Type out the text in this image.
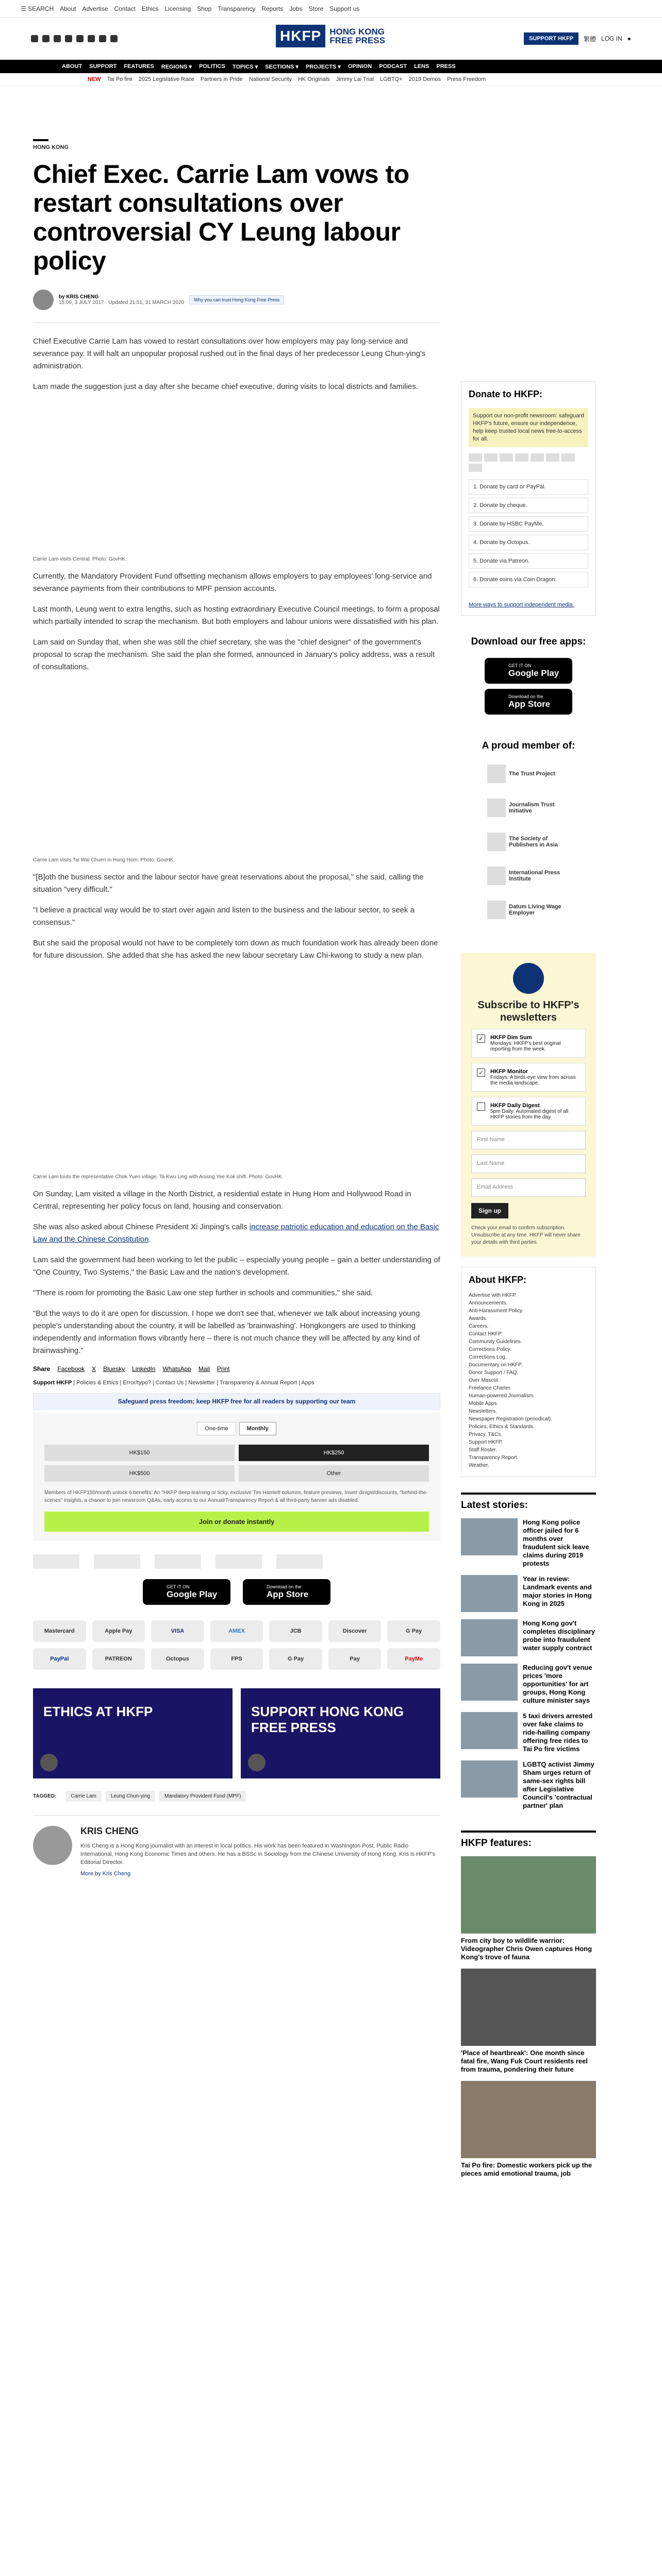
☰ SEARCH About Advertise Contact Ethics Licensing Shop Transparency Reports Jobs Store Support us
HKFP HONG KONG
FREE PRESS	SUPPORT HKFP	繁體 LOG IN ●
ABOUT SUPPORT FEATURES REGIONS ▾ POLITICS TOPICS ▾ SECTIONS ▾ PROJECTS ▾ OPINION PODCAST LENS PRESS
NEW Tai Po fire 2025 Legislative Race Partners in Pride National Security HK Originals Jimmy Lai Trial LGBTQ+ 2019 Demos Press Freedom
HONG KONG
Chief Exec. Carrie Lam vows to restart consultations over controversial CY Leung labour policy
by KRIS CHENG
15:00, 3 JULY 2017 · Updated 21:51, 31 MARCH 2020	Why you can trust Hong Kong Free Press

Chief Executive Carrie Lam has vowed to restart consultations over how employers may pay long-service and severance pay. It will halt an unpopular proposal rushed out in the final days of her predecessor Leung Chun-ying's administration.

Lam made the suggestion just a day after she became chief executive, during visits to local districts and families.

Carrie Lam visits Central. Photo: GovHK.

Currently, the Mandatory Provident Fund offsetting mechanism allows employers to pay employees' long-service and severance payments from their contributions to MPF pension accounts.

Last month, Leung went to extra lengths, such as hosting extraordinary Executive Council meetings, to form a proposal which partially intended to scrap the mechanism. But both employers and labour unions were dissatisfied with his plan.

Lam said on Sunday that, when she was still the chief secretary, she was the "chief designer" of the government's proposal to scrap the mechanism. She said the plan she formed, announced in January's policy address, was a result of consultations.

Carrie Lam visits Tai Wai Chuen in Hung Hom. Photo: GovHK.

"[B]oth the business sector and the labour sector have great reservations about the proposal," she said, calling the situation "very difficult."

"I believe a practical way would be to start over again and listen to the business and the labour sector, to seek a consensus."

But she said the proposal would not have to be completely torn down as much foundation work has already been done for future discussion. She added that she has asked the new labour secretary Law Chi-kwong to study a new plan.

Carrie Lam touts the representative Chok Yuen village, Ta Kwu Ling with Anisng Yee Kok shift. Photo: GovHK.

On Sunday, Lam visited a village in the North District, a residential estate in Hung Hom and Hollywood Road in Central, representing her policy focus on land, housing and conservation.

She was also asked about Chinese President Xi Jinping's calls increase patriotic education and education on the Basic Law and the Chinese Constitution.

Lam said the government had been working to let the public – especially young people – gain a better understanding of "One Country, Two Systems," the Basic Law and the nation's development.

"There is room for promoting the Basic Law one step further in schools and communities," she said.

"But the ways to do it are open for discussion. I hope we don't see that, whenever we talk about increasing young people's understanding about the country, it will be labelled as 'brainwashing'. Hongkongers are used to thinking independently and information flows vibrantly here – there is not much chance they will be affected by any kind of brainwashing."

Share Facebook X Bluesky LinkedIn WhatsApp Mail Print
Support HKFP | Policies & Ethics | Error/typo? | Contact Us | Newsletter | Transparency & Annual Report | Apps
Safeguard press freedom; keep HKFP free for all readers by supporting our team
One-time	Monthly
HK$150	HK$250
HK$500	Other
Members of HKFP150/month unlock 6 benefits: An "HKFP deep-learning or ticky, exclusive Tim Hamlett columns, feature previews, Insert dinigst/discounts, "behind-the-scenes" insights, a chance to join newsroom Q&As, early access to our Annual/Transparency Report & all third-party banner ads disabled.
Join or donate instantly
GET IT ON
Google Play
Download on the
App Store
Mastercard	Apple Pay	VISA	AMEX	JCB	Discover	G Pay
PayPal	PATREON	Octopus	FPS	G Pay	Pay	PayMe
ETHICS AT HKFP	SUPPORT HONG KONG FREE PRESS
TAGGED:	Carrie Lam	Leung Chun-ying	Mandatory Provident Fund (MPF)
KRIS CHENG

Kris Cheng is a Hong Kong journalist with an interest in local politics. His work has been featured in Washington Post, Public Radio International, Hong Kong Economic Times and others. He has a BSSc in Sociology from the Chinese University of Hong Kong. Kris is HKFP's Editorial Director.

More by Kris Cheng
Donate to HKFP:
Support our non-profit newsroom: safeguard HKFP's future, ensure our independence, help keep trusted local news free-to-access for all.
1. Donate by card or PayPal.
2. Donate by cheque.
3. Donate by HSBC PayMe.
4. Donate by Octopus.
5. Donate via Patreon.
6. Donate coins via Coin Dragon.
More ways to support independent media.
Download our free apps:
GET IT ON
Google Play
Download on the
App Store
A proud member of:
The Trust Project
Journalism Trust Initiative
The Society of Publishers in Asia
International Press Institute
Datum Living Wage Employer
Subscribe to HKFP's newsletters
✓ HKFP Dim Sum
Mondays: HKFP's best original reporting from the week.
✓ HKFP Monitor
Fridays: A birds-eye view from across the media landscape.
HKFP Daily Digest
5pm Daily: Automated digest of all HKFP stories from the day.
First Name
Last Name
Email Address
Sign up
Check your email to confirm subscription. Unsubscribe at any time. HKFP will never share your details with third parties.
About HKFP:
Advertise with HKFP.
Announcements.
Anti-Harassment Policy.
Awards.
Careers.
Contact HKFP.
Community Guidelines.
Corrections Policy.
Corrections Log.
Documentary on HKFP.
Donor Support / FAQ.
Over Mascot.
Freelance Charter.
Human-powered Journalism.
Mobile Apps.
Newsletters.
Newspaper Registration (periodical).
Policies, Ethics & Standards.
Privacy, T&Cs.
Support HKFP.
Staff Roster.
Transparency Report.
Weather.
Latest stories:
Hong Kong police officer jailed for 6 months over fraudulent sick leave claims during 2019 protests
Year in review: Landmark events and major stories in Hong Kong in 2025
Hong Kong gov't completes disciplinary probe into fraudulent water supply contract
Reducing gov't venue prices 'more opportunities' for art groups, Hong Kong culture minister says
5 taxi drivers arrested over fake claims to ride-hailing company offering free rides to Tai Po fire victims
LGBTQ activist Jimmy Sham urges return of same-sex rights bill after Legislative Council's 'contractual partner' plan
HKFP features:
From city boy to wildlife warrior: Videographer Chris Owen captures Hong Kong's trove of fauna
'Place of heartbreak': One month since fatal fire, Wang Fuk Court residents reel from trauma, pondering their future
Tai Po fire: Domestic workers pick up the pieces amid emotional trauma, job
